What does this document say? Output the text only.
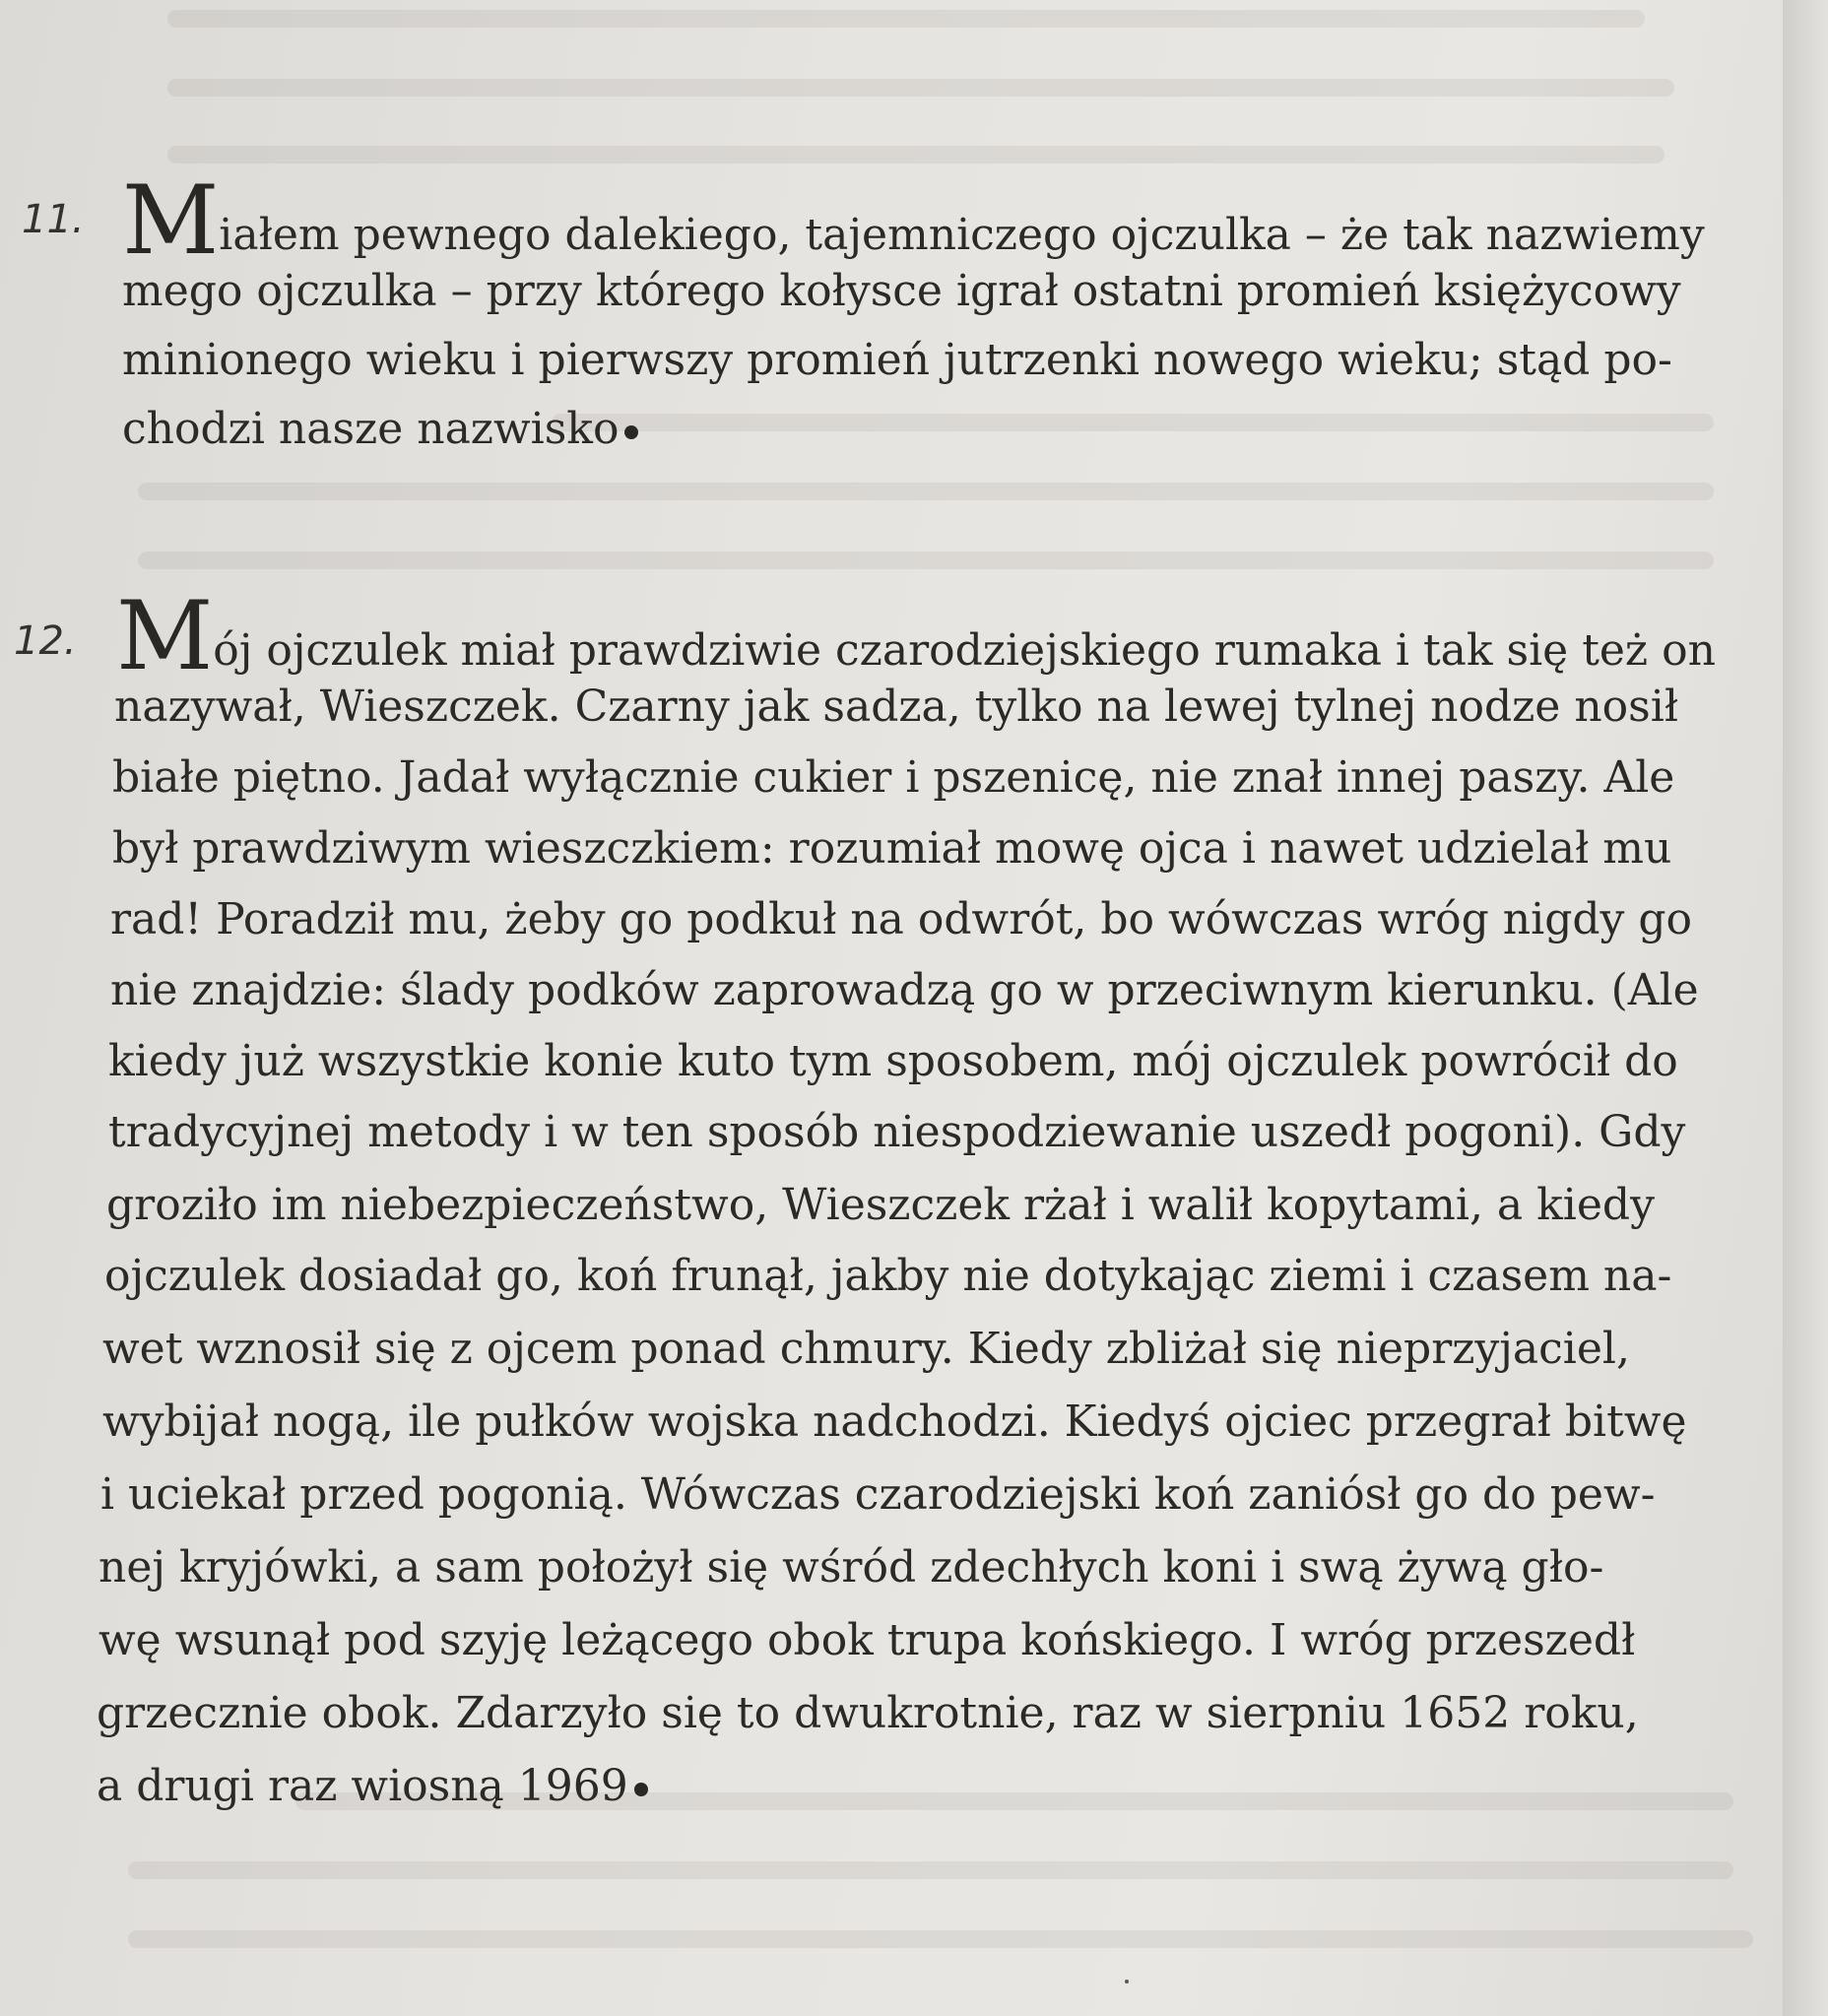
11. Miałem pewnego dalekiego, tajemniczego ojczulka – że tak nazwiemy
mego ojczulka – przy którego kołysce igrał ostatni promień księżycowy
minionego wieku i pierwszy promień jutrzenki nowego wieku; stąd po-
chodzi nasze nazwisko
12. Mój ojczulek miał prawdziwie czarodziejskiego rumaka i tak się też on
nazywał, Wieszczek. Czarny jak sadza, tylko na lewej tylnej nodze nosił
białe piętno. Jadał wyłącznie cukier i pszenicę, nie znał innej paszy. Ale
był prawdziwym wieszczkiem: rozumiał mowę ojca i nawet udzielał mu
rad! Poradził mu, żeby go podkuł na odwrót, bo wówczas wróg nigdy go
nie znajdzie: ślady podków zaprowadzą go w przeciwnym kierunku. (Ale
kiedy już wszystkie konie kuto tym sposobem, mój ojczulek powrócił do
tradycyjnej metody i w ten sposób niespodziewanie uszedł pogoni). Gdy
groziło im niebezpieczeństwo, Wieszczek rżał i walił kopytami, a kiedy
ojczulek dosiadał go, koń frunął, jakby nie dotykając ziemi i czasem na-
wet wznosił się z ojcem ponad chmury. Kiedy zbliżał się nieprzyjaciel,
wybijał nogą, ile pułków wojska nadchodzi. Kiedyś ojciec przegrał bitwę
i uciekał przed pogonią. Wówczas czarodziejski koń zaniósł go do pew-
nej kryjówki, a sam położył się wśród zdechłych koni i swą żywą gło-
wę wsunął pod szyję leżącego obok trupa końskiego. I wróg przeszedł
grzecznie obok. Zdarzyło się to dwukrotnie, raz w sierpniu 1652 roku,
a drugi raz wiosną 1969
